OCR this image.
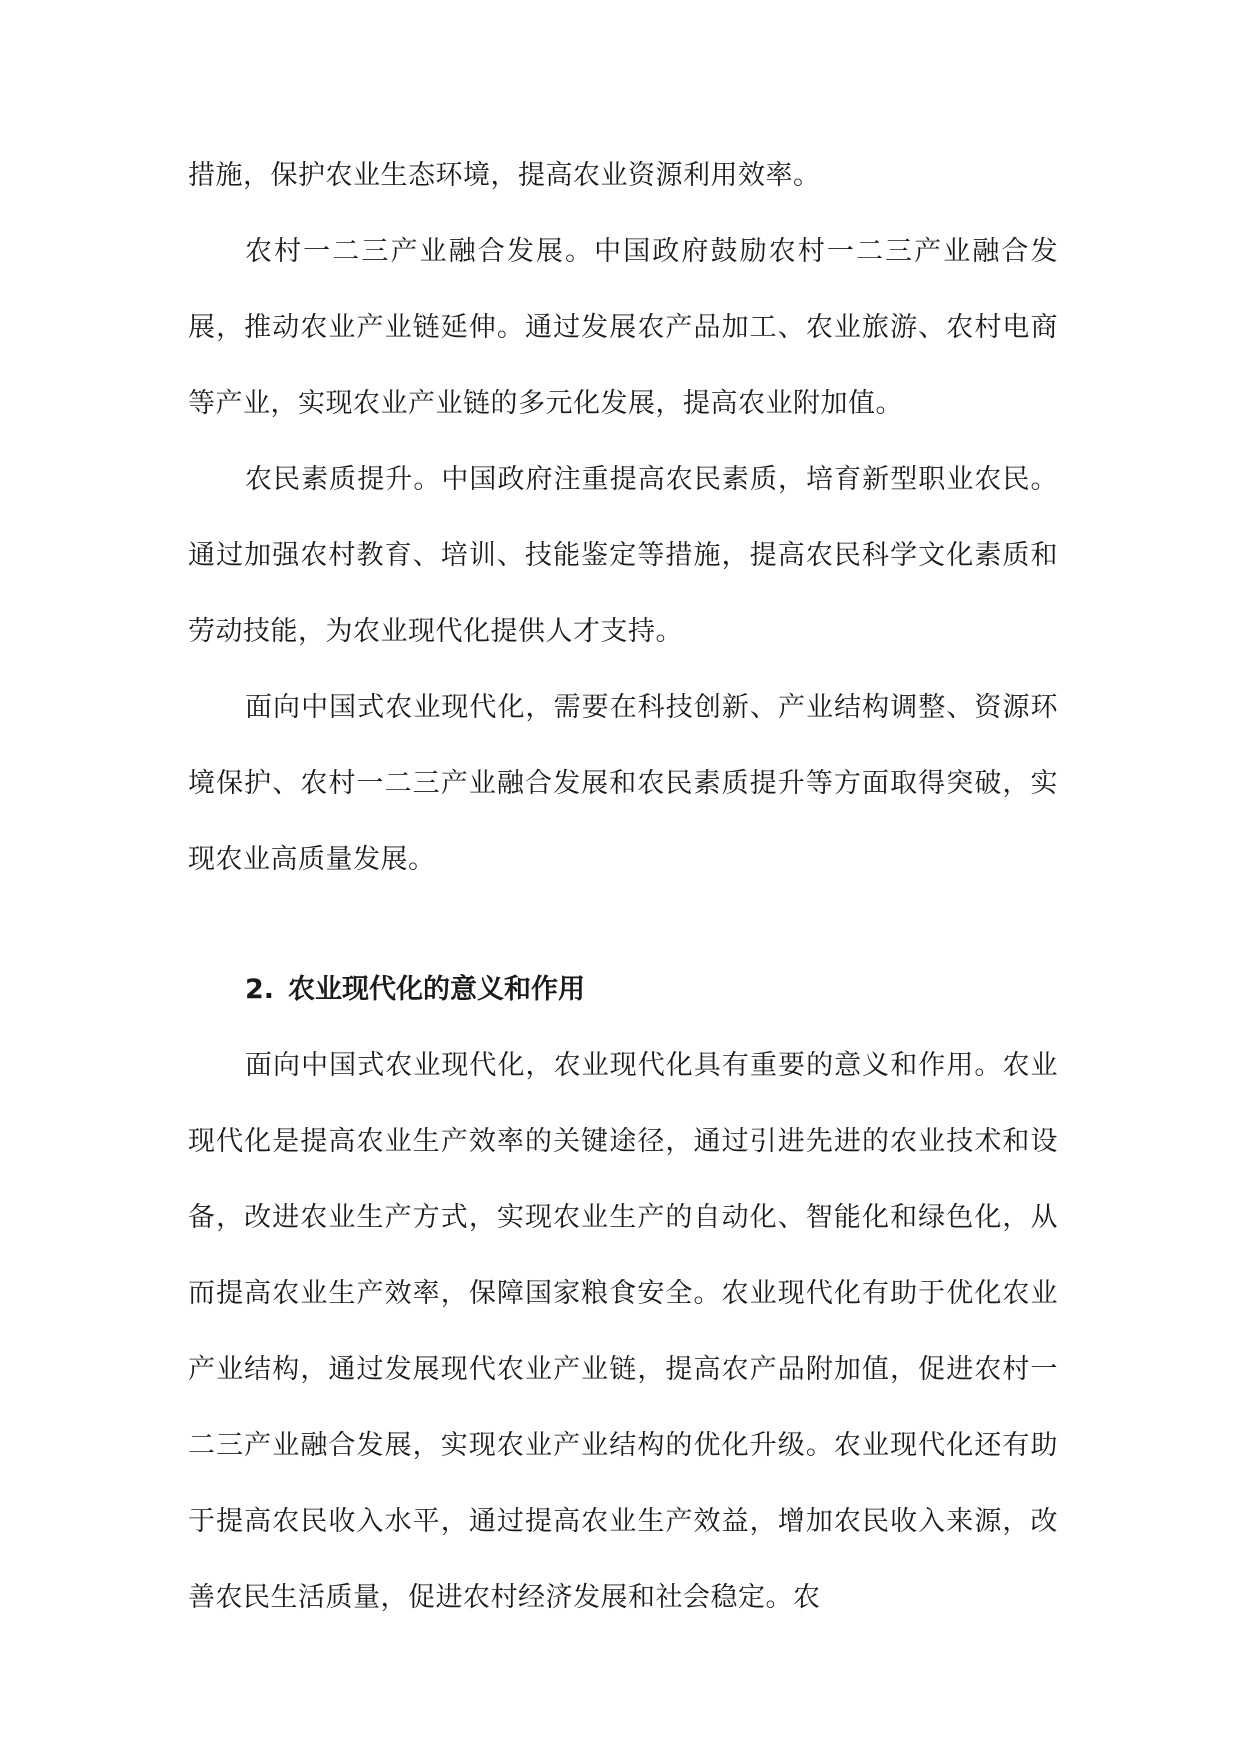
措施，保护农业生态环境，提高农业资源利用效率。

农村一二三产业融合发展。中国政府鼓励农村一二三产业融合发展，推动农业产业链延伸。通过发展农产品加工、农业旅游、农村电商等产业，实现农业产业链的多元化发展，提高农业附加值。

农民素质提升。中国政府注重提高农民素质，培育新型职业农民。通过加强农村教育、培训、技能鉴定等措施，提高农民科学文化素质和劳动技能，为农业现代化提供人才支持。

面向中国式农业现代化，需要在科技创新、产业结构调整、资源环境保护、农村一二三产业融合发展和农民素质提升等方面取得突破，实现农业高质量发展。

2. 农业现代化的意义和作用

面向中国式农业现代化，农业现代化具有重要的意义和作用。农业现代化是提高农业生产效率的关键途径，通过引进先进的农业技术和设备，改进农业生产方式，实现农业生产的自动化、智能化和绿色化，从而提高农业生产效率，保障国家粮食安全。农业现代化有助于优化农业产业结构，通过发展现代农业产业链，提高农产品附加值，促进农村一二三产业融合发展，实现农业产业结构的优化升级。农业现代化还有助于提高农民收入水平，通过提高农业生产效益，增加农民收入来源，改善农民生活质量，促进农村经济发展和社会稳定。农
